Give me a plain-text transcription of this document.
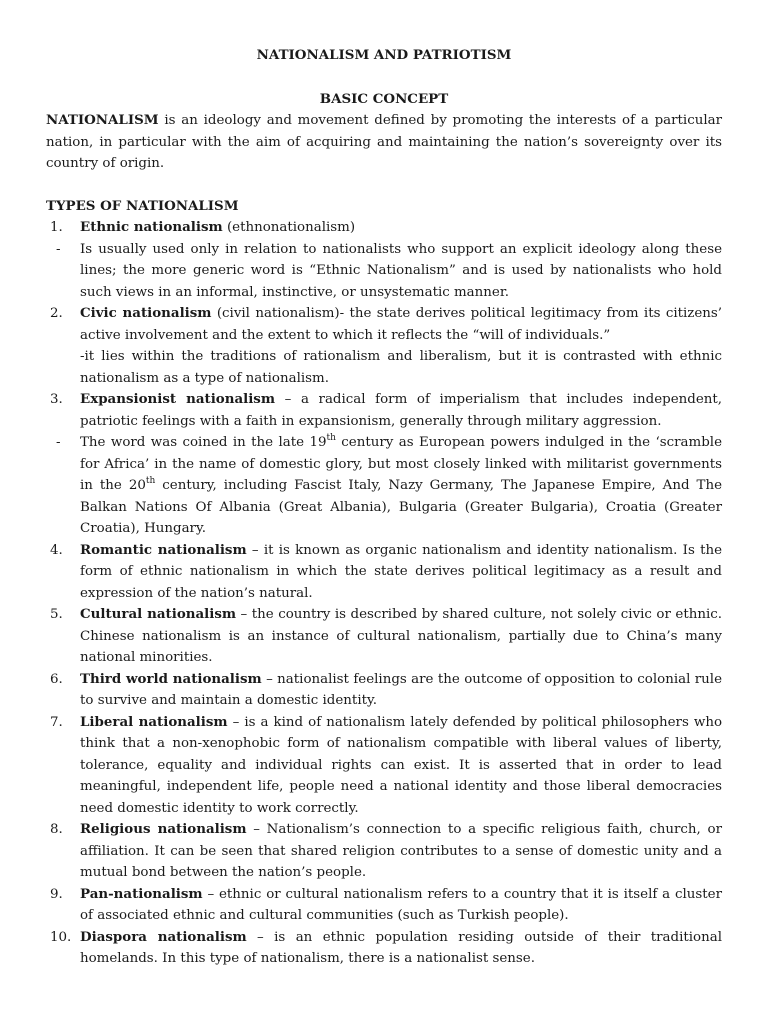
NATIONALISM AND PATRIOTISM

BASIC CONCEPT

NATIONALISM is an ideology and movement defined by promoting the interests of a particular nation, in particular with the aim of acquiring and maintaining the nation’s sovereignty over its country of origin.

TYPES OF NATIONALISM

1.	Ethnic nationalism (ethnonationalism)
-	Is usually used only in relation to nationalists who support an explicit ideology along these lines; the more generic word is “Ethnic Nationalism” and is used by nationalists who hold such views in an informal, instinctive, or unsystematic manner.
2.	Civic nationalism (civil nationalism)- the state derives political legitimacy from its citizens’ active involvement and the extent to which it reflects the “will of individuals.”
-it lies within the traditions of rationalism and liberalism, but it is contrasted with ethnic nationalism as a type of nationalism.
3.	Expansionist nationalism – a radical form of imperialism that includes independent, patriotic feelings with a faith in expansionism, generally through military aggression.
-	The word was coined in the late 19th century as European powers indulged in the ‘scramble for Africa’ in the name of domestic glory, but most closely linked with militarist governments in the 20th century, including Fascist Italy, Nazy Germany, The Japanese Empire, And The Balkan Nations Of Albania (Great Albania), Bulgaria (Greater Bulgaria), Croatia (Greater Croatia), Hungary.
4.	Romantic nationalism – it is known as organic nationalism and identity nationalism. Is the form of ethnic nationalism in which the state derives political legitimacy as a result and expression of the nation’s natural.
5.	Cultural nationalism – the country is described by shared culture, not solely civic or ethnic. Chinese nationalism is an instance of cultural nationalism, partially due to China’s many national minorities.
6.	Third world nationalism – nationalist feelings are the outcome of opposition to colonial rule to survive and maintain a domestic identity.
7.	Liberal nationalism – is a kind of nationalism lately defended by political philosophers who think that a non-xenophobic form of nationalism compatible with liberal values of liberty, tolerance, equality and individual rights can exist. It is asserted that in order to lead meaningful, independent life, people need a national identity and those liberal democracies need domestic identity to work correctly.
8.	Religious nationalism – Nationalism’s connection to a specific religious faith, church, or affiliation. It can be seen that shared religion contributes to a sense of domestic unity and a mutual bond between the nation’s people.
9.	Pan-nationalism – ethnic or cultural nationalism refers to a country that it is itself a cluster of associated ethnic and cultural communities (such as Turkish people).
10. Diaspora nationalism – is an ethnic population residing outside of their traditional homelands. In this type of nationalism, there is a nationalist sense.
